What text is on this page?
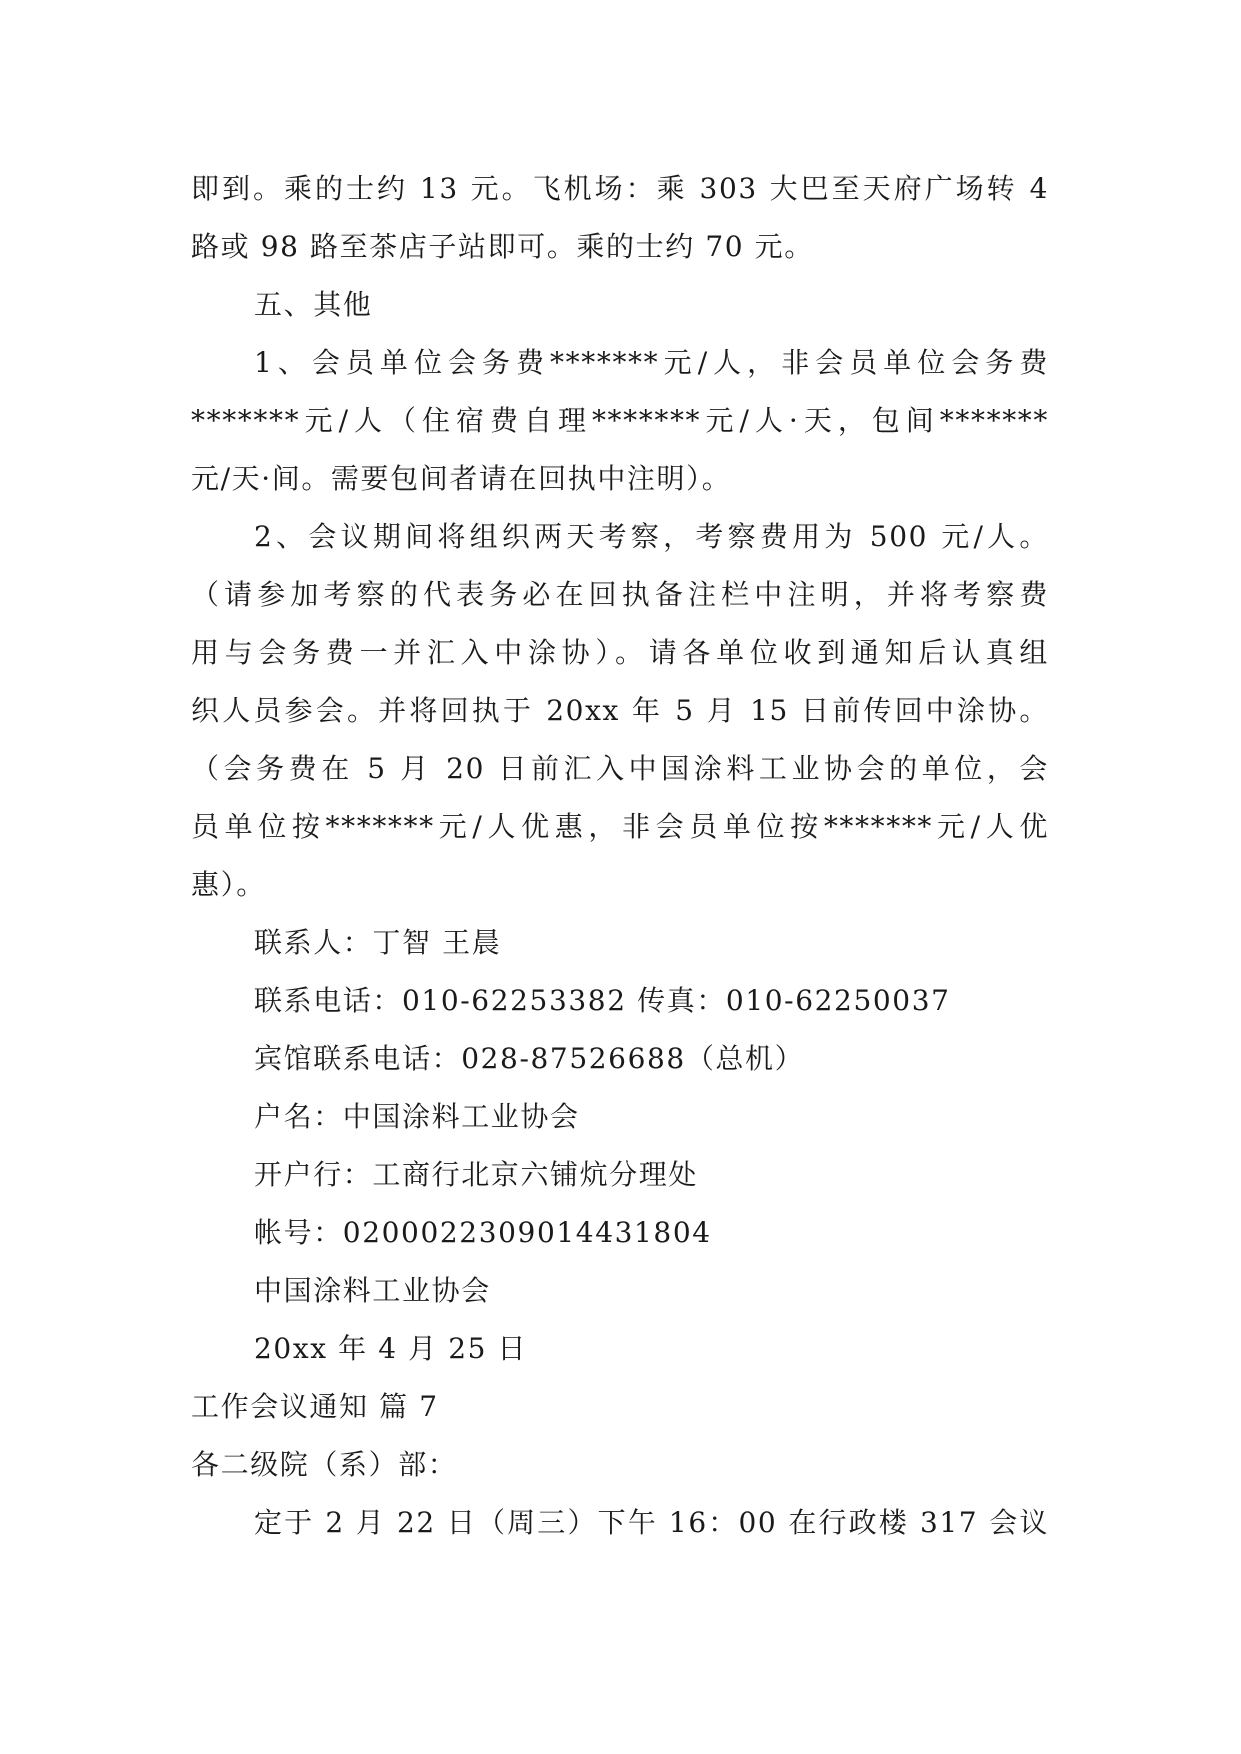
即到。乘的士约 13 元。飞机场：乘 303 大巴至天府广场转 4
路或 98 路至茶店子站即可。乘的士约 70 元。
五、其他
1、会员单位会务费*******元/人，非会员单位会务费
*******元/人（住宿费自理*******元/人·天，包间*******
元/天·间。需要包间者请在回执中注明）。
2、会议期间将组织两天考察，考察费用为 500 元/人。
（请参加考察的代表务必在回执备注栏中注明，并将考察费
用与会务费一并汇入中涂协）。请各单位收到通知后认真组
织人员参会。并将回执于 20xx 年 5 月 15 日前传回中涂协。
（会务费在 5 月 20 日前汇入中国涂料工业协会的单位，会
员单位按*******元/人优惠，非会员单位按*******元/人优
惠）。
联系人：丁智 王晨
联系电话：010-62253382 传真：010-62250037
宾馆联系电话：028-87526688（总机）
户名：中国涂料工业协会
开户行：工商行北京六铺炕分理处
帐号：0200022309014431804
中国涂料工业协会
20xx 年 4 月 25 日
工作会议通知 篇 7
各二级院（系）部：
定于 2 月 22 日（周三）下午 16：00 在行政楼 317 会议
